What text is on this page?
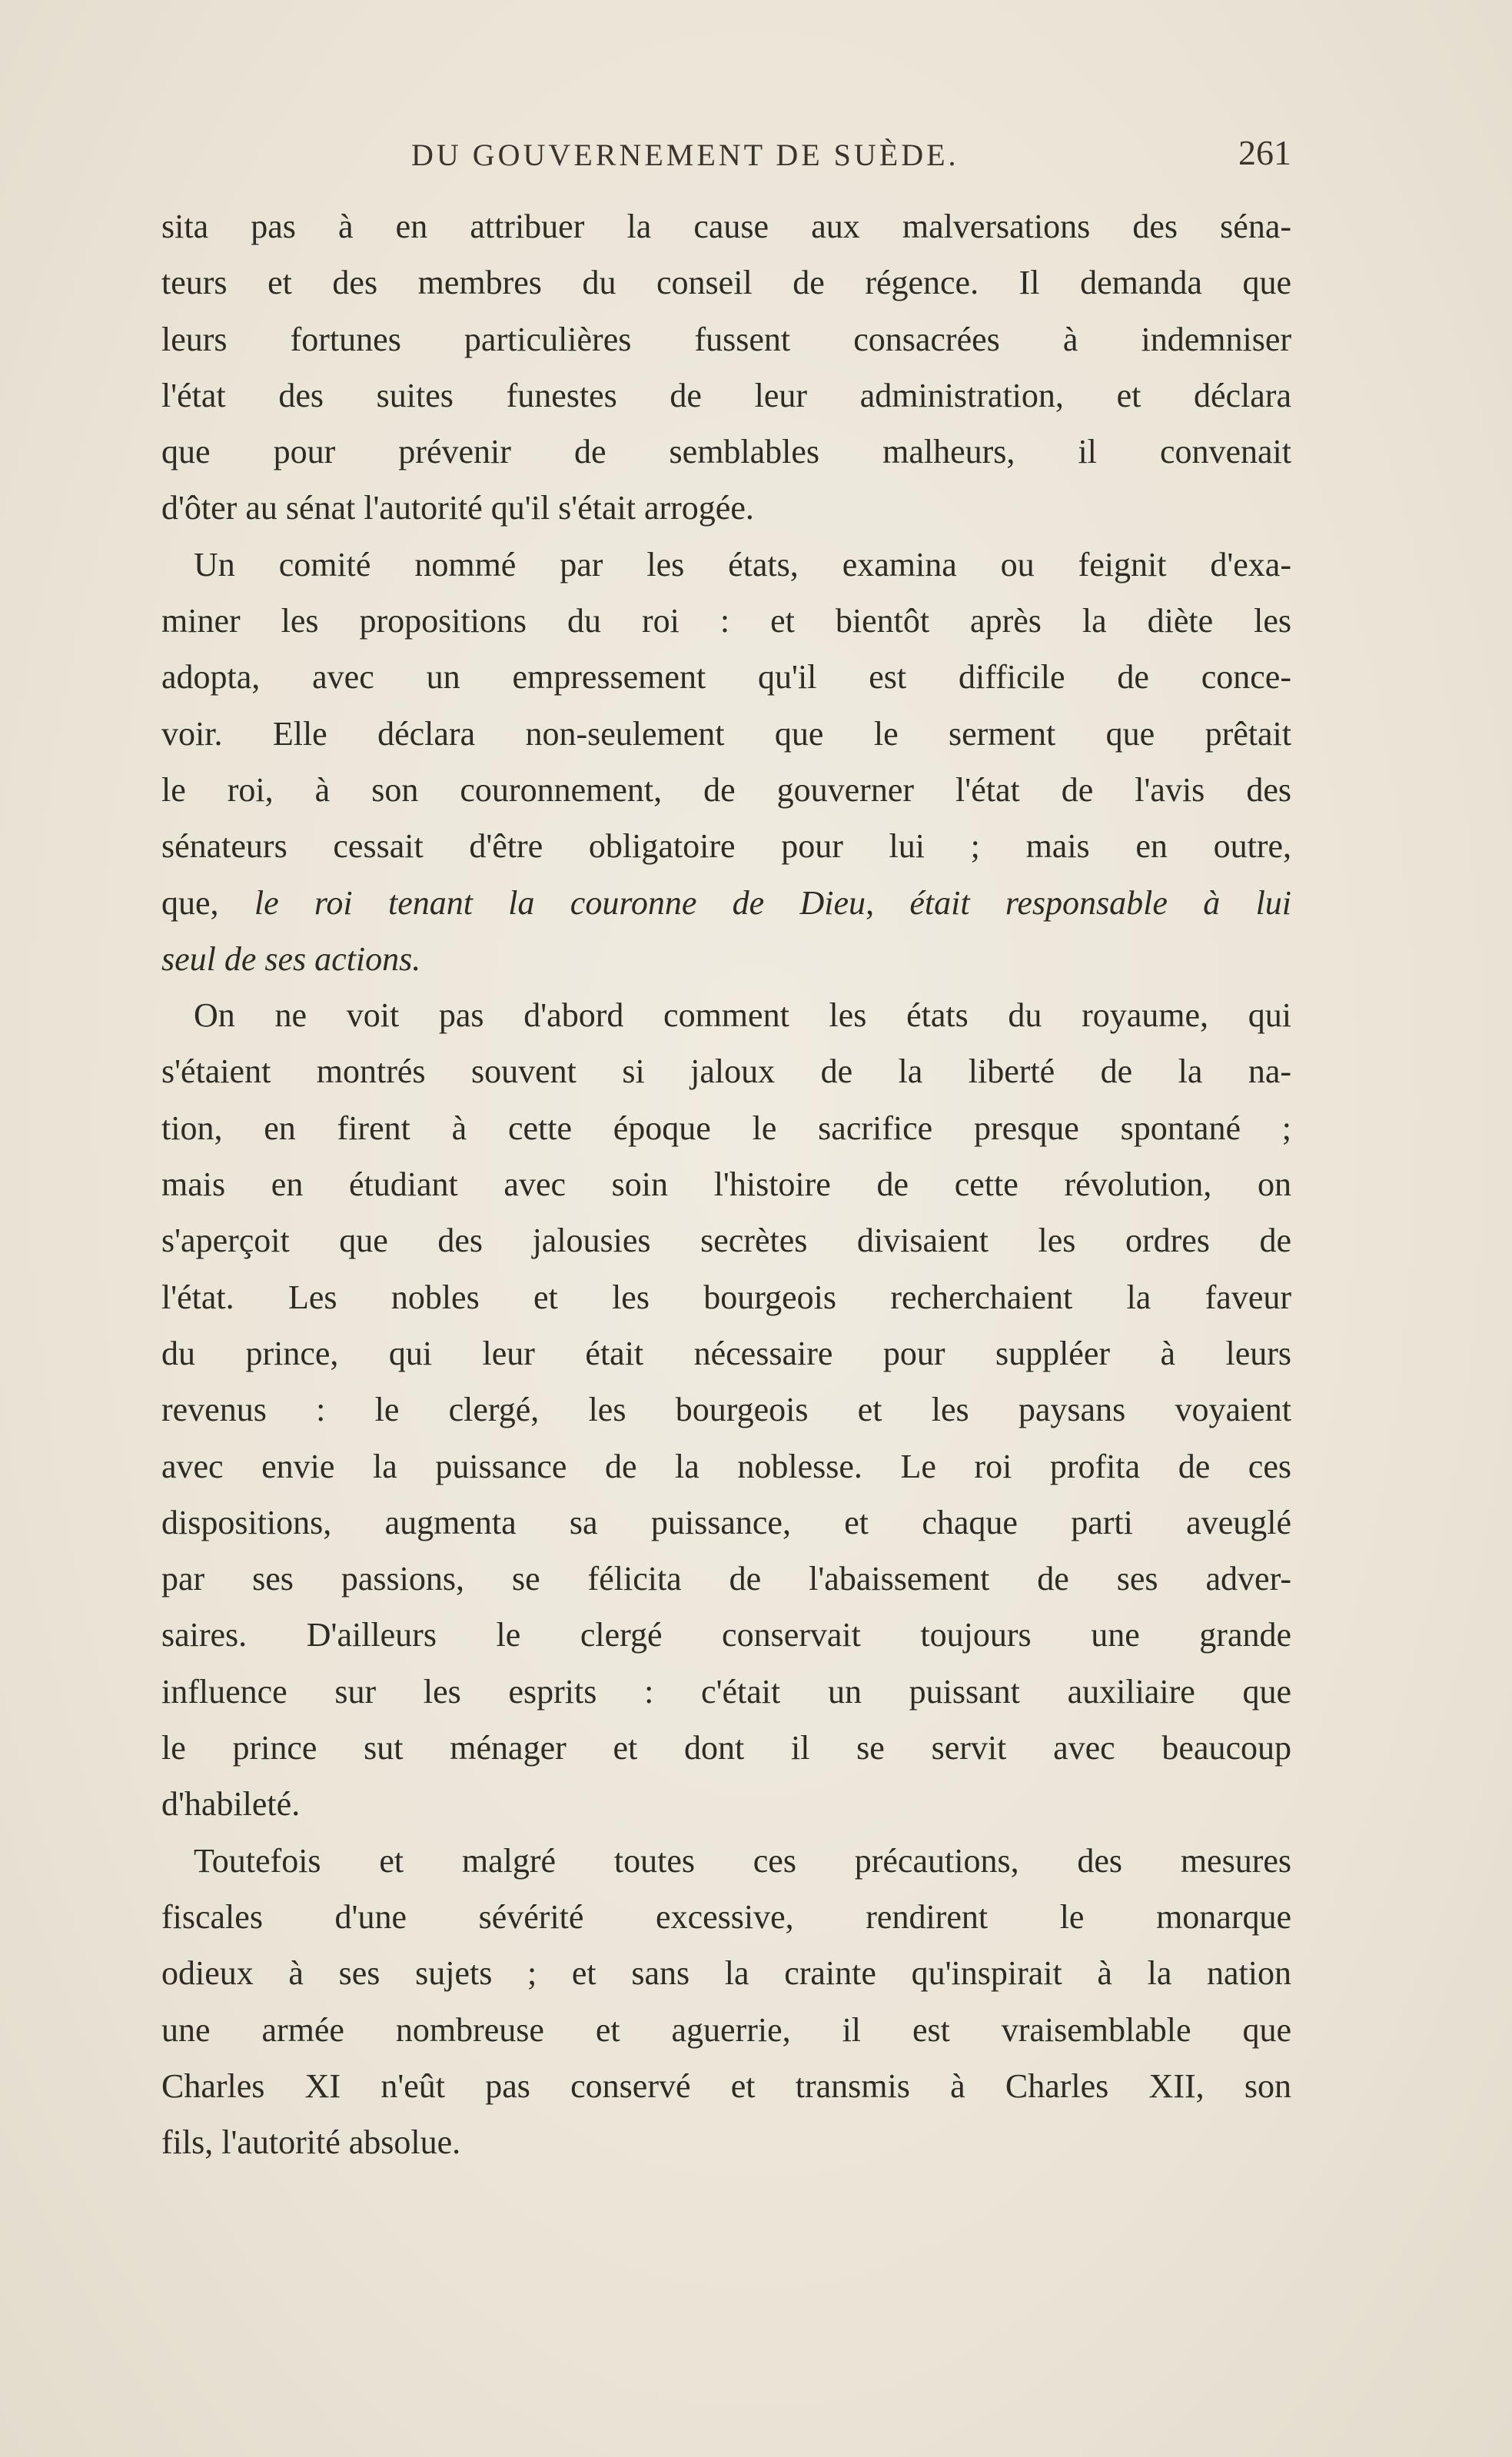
DU GOUVERNEMENT DE SUÈDE.	261
sita pas à en attribuer la cause aux malversations des séna-
teurs et des membres du conseil de régence. Il demanda que
leurs fortunes particulières fussent consacrées à indemniser
l'état des suites funestes de leur administration, et déclara
que pour prévenir de semblables malheurs, il convenait
d'ôter au sénat l'autorité qu'il s'était arrogée.
Un comité nommé par les états, examina ou feignit d'exa-
miner les propositions du roi : et bientôt après la diète les
adopta, avec un empressement qu'il est difficile de conce-
voir. Elle déclara non-seulement que le serment que prêtait
le roi, à son couronnement, de gouverner l'état de l'avis des
sénateurs cessait d'être obligatoire pour lui ; mais en outre,
que, le roi tenant la couronne de Dieu, était responsable à lui
seul de ses actions.
On ne voit pas d'abord comment les états du royaume, qui
s'étaient montrés souvent si jaloux de la liberté de la na-
tion, en firent à cette époque le sacrifice presque spontané ;
mais en étudiant avec soin l'histoire de cette révolution, on
s'aperçoit que des jalousies secrètes divisaient les ordres de
l'état. Les nobles et les bourgeois recherchaient la faveur
du prince, qui leur était nécessaire pour suppléer à leurs
revenus : le clergé, les bourgeois et les paysans voyaient
avec envie la puissance de la noblesse. Le roi profita de ces
dispositions, augmenta sa puissance, et chaque parti aveuglé
par ses passions, se félicita de l'abaissement de ses adver-
saires. D'ailleurs le clergé conservait toujours une grande
influence sur les esprits : c'était un puissant auxiliaire que
le prince sut ménager et dont il se servit avec beaucoup
d'habileté.
Toutefois et malgré toutes ces précautions, des mesures
fiscales d'une sévérité excessive, rendirent le monarque
odieux à ses sujets ; et sans la crainte qu'inspirait à la nation
une armée nombreuse et aguerrie, il est vraisemblable que
Charles XI n'eût pas conservé et transmis à Charles XII, son
fils, l'autorité absolue.
